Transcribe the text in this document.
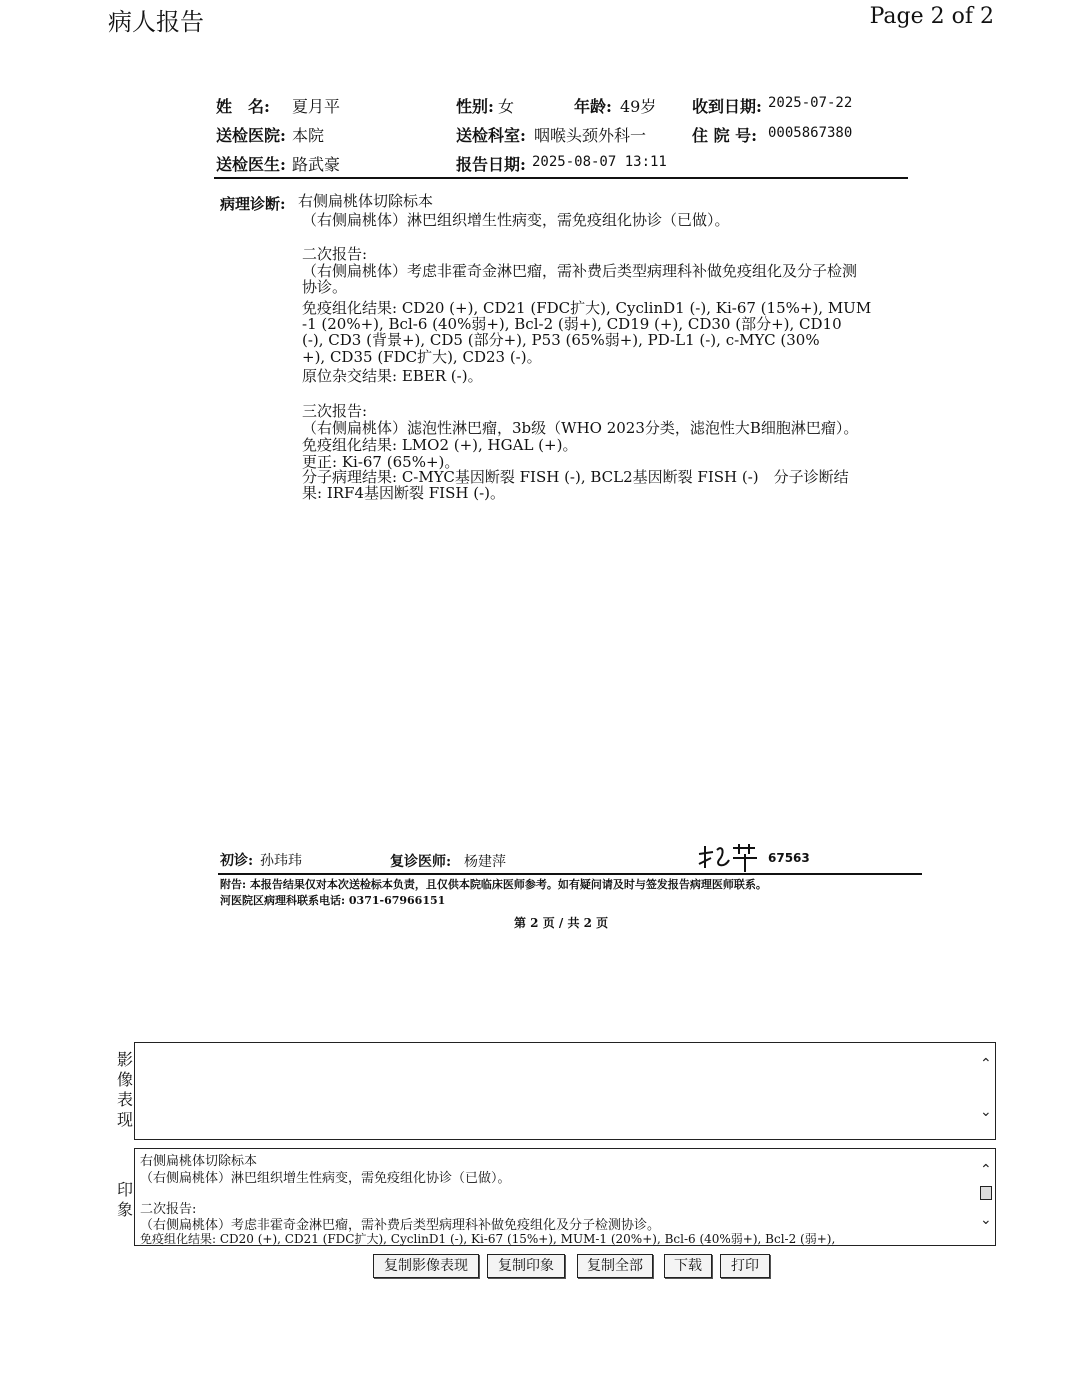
病人报告	Page 2 of 2
姓　名: 夏月平	性别: 女	年龄: 49岁 收到日期: 2025-07-22
送检医院: 本院	送检科室: 咽喉头颈外科一	住 院 号: 0005867380
送检医生: 路武豪	报告日期: 2025-08-07 13:11
病理诊断: 右侧扁桃体切除标本
（右侧扁桃体）淋巴组织增生性病变，需免疫组化协诊（已做）。
二次报告:
（右侧扁桃体）考虑非霍奇金淋巴瘤，需补费后类型病理科补做免疫组化及分子检测
协诊。
免疫组化结果: CD20 (+), CD21 (FDC扩大), CyclinD1 (-), Ki-67 (15%+), MUM
-1 (20%+), Bcl-6 (40%弱+), Bcl-2 (弱+), CD19 (+), CD30 (部分+), CD10
(-), CD3 (背景+), CD5 (部分+), P53 (65%弱+), PD-L1 (-), c-MYC (30%
+), CD35 (FDC扩大), CD23 (-)。
原位杂交结果: EBER (-)。
三次报告:
（右侧扁桃体）滤泡性淋巴瘤，3b级（WHO 2023分类，滤泡性大B细胞淋巴瘤）。
免疫组化结果: LMO2 (+), HGAL (+)。
更正: Ki-67 (65%+)。
分子病理结果: C-MYC基因断裂 FISH (-), BCL2基因断裂 FISH (-)　分子诊断结
果: IRF4基因断裂 FISH (-)。
初诊: 孙玮玮	复诊医师: 杨建萍	67563
附告: 本报告结果仅对本次送检标本负责，且仅供本院临床医师参考。如有疑问请及时与签发报告病理医师联系。
河医院区病理科联系电话: 0371-67966151
第 2 页 / 共 2 页
影
像
表
现
⌃
⌄
印
象
右侧扁桃体切除标本
（右侧扁桃体）淋巴组织增生性病变，需免疫组化协诊（已做）。
二次报告:
（右侧扁桃体）考虑非霍奇金淋巴瘤，需补费后类型病理科补做免疫组化及分子检测协诊。
免疫组化结果: CD20 (+), CD21 (FDC扩大), CyclinD1 (-), Ki-67 (15%+), MUM-1 (20%+), Bcl-6 (40%弱+), Bcl-2 (弱+),
⌃
⌄
复制影像表现	复制印象	复制全部	下载	打印
